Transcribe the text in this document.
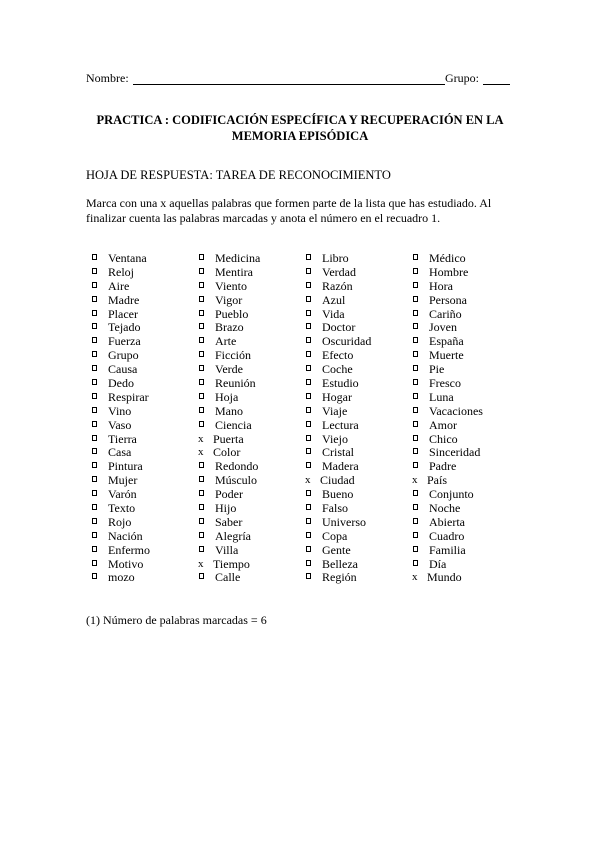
Nombre:	Grupo:
PRACTICA : CODIFICACIÓN ESPECÍFICA Y RECUPERACIÓN EN LA
MEMORIA EPISÓDICA
HOJA DE RESPUESTA: TAREA DE RECONOCIMIENTO
Marca con una x aquellas palabras que formen parte de la lista que has estudiado. Al finalizar cuenta las palabras marcadas y anota el número en el recuadro 1.
Ventana
Reloj
Aire
Madre
Placer
Tejado
Fuerza
Grupo
Causa
Dedo
Respirar
Vino
Vaso
Tierra
Casa
Pintura
Mujer
Varón
Texto
Rojo
Nación
Enfermo
Motivo
mozo
Medicina
Mentira
Viento
Vigor
Pueblo
Brazo
Arte
Ficción
Verde
Reunión
Hoja
Mano
Ciencia
x Puerta
x Color
Redondo
Músculo
Poder
Hijo
Saber
Alegría
Villa
x Tiempo
Calle
Libro
Verdad
Razón
Azul
Vida
Doctor
Oscuridad
Efecto
Coche
Estudio
Hogar
Viaje
Lectura
Viejo
Cristal
Madera
x Ciudad
Bueno
Falso
Universo
Copa
Gente
Belleza
Región
Médico
Hombre
Hora
Persona
Cariño
Joven
España
Muerte
Pie
Fresco
Luna
Vacaciones
Amor
Chico
Sinceridad
Padre
x País
Conjunto
Noche
Abierta
Cuadro
Familia
Día
x Mundo
(1) Número de palabras marcadas = 6
